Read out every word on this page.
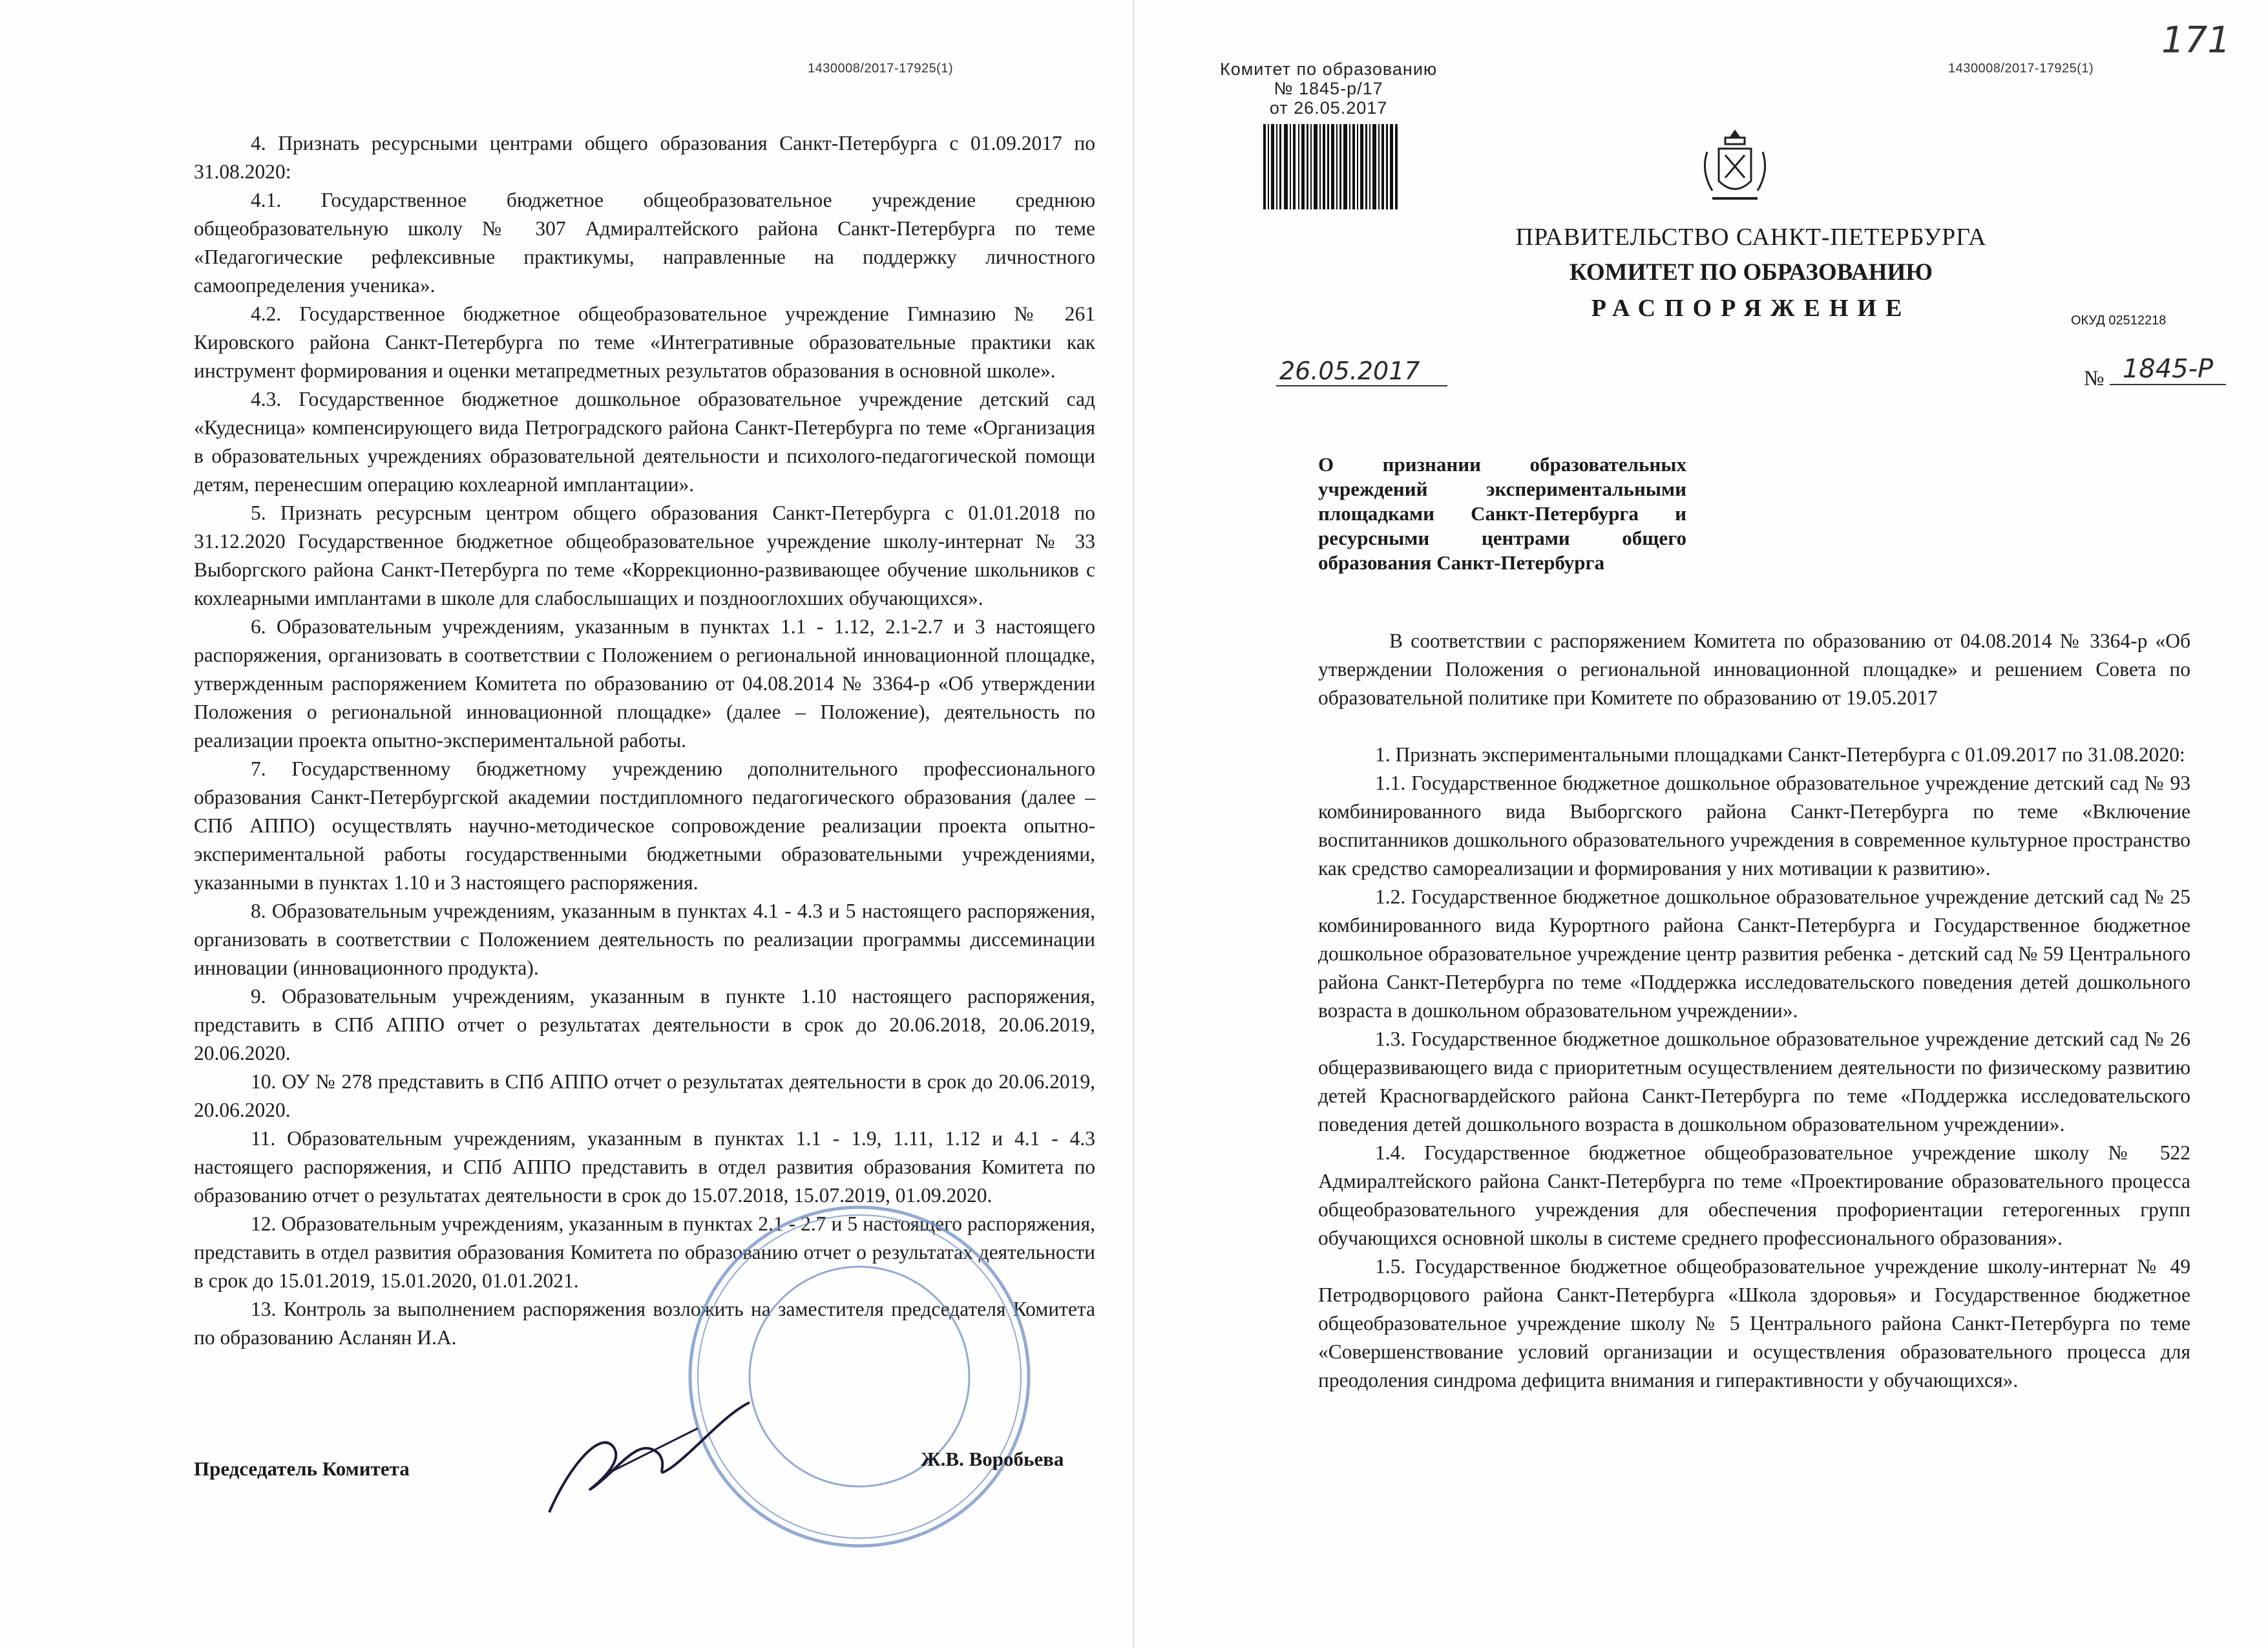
1430008/2017-17925(1)

4. Признать ресурсными центрами общего образования Санкт-Петербурга с 01.09.2017 по 31.08.2020:

4.1. Государственное бюджетное общеобразовательное учреждение среднюю общеобразовательную школу № 307 Адмиралтейского района Санкт-Петербурга по теме «Педагогические рефлексивные практикумы, направленные на поддержку личностного самоопределения ученика».

4.2. Государственное бюджетное общеобразовательное учреждение Гимназию № 261 Кировского района Санкт-Петербурга по теме «Интегративные образовательные практики как инструмент формирования и оценки метапредметных результатов образования в основной школе».

4.3. Государственное бюджетное дошкольное образовательное учреждение детский сад «Кудесница» компенсирующего вида Петроградского района Санкт-Петербурга по теме «Организация в образовательных учреждениях образовательной деятельности и психолого-педагогической помощи детям, перенесшим операцию кохлеарной имплантации».

5. Признать ресурсным центром общего образования Санкт-Петербурга с 01.01.2018 по 31.12.2020 Государственное бюджетное общеобразовательное учреждение школу-интернат № 33 Выборгского района Санкт-Петербурга по теме «Коррекционно-развивающее обучение школьников с кохлеарными имплантами в школе для слабослышащих и позднооглохших обучающихся».

6. Образовательным учреждениям, указанным в пунктах 1.1 - 1.12, 2.1-2.7 и 3 настоящего распоряжения, организовать в соответствии с Положением о региональной инновационной площадке, утвержденным распоряжением Комитета по образованию от 04.08.2014 № 3364-р «Об утверждении Положения о региональной инновационной площадке» (далее – Положение), деятельность по реализации проекта опытно-экспериментальной работы.

7. Государственному бюджетному учреждению дополнительного профессионального образования Санкт-Петербургской академии постдипломного педагогического образования (далее – СПб АППО) осуществлять научно-методическое сопровождение реализации проекта опытно-экспериментальной работы государственными бюджетными образовательными учреждениями, указанными в пунктах 1.10 и 3 настоящего распоряжения.

8. Образовательным учреждениям, указанным в пунктах 4.1 - 4.3 и 5 настоящего распоряжения, организовать в соответствии с Положением деятельность по реализации программы диссеминации инновации (инновационного продукта).

9. Образовательным учреждениям, указанным в пункте 1.10 настоящего распоряжения, представить в СПб АППО отчет о результатах деятельности в срок до 20.06.2018, 20.06.2019, 20.06.2020.

10. ОУ № 278 представить в СПб АППО отчет о результатах деятельности в срок до 20.06.2019, 20.06.2020.

11. Образовательным учреждениям, указанным в пунктах 1.1 - 1.9, 1.11, 1.12 и 4.1 - 4.3 настоящего распоряжения, и СПб АППО представить в отдел развития образования Комитета по образованию отчет о результатах деятельности в срок до 15.07.2018, 15.07.2019, 01.09.2020.

12. Образовательным учреждениям, указанным в пунктах 2.1 - 2.7 и 5 настоящего распоряжения, представить в отдел развития образования Комитета по образованию отчет о результатах деятельности в срок до 15.01.2019, 15.01.2020, 01.01.2021.

13. Контроль за выполнением распоряжения возложить на заместителя председателя Комитета по образованию Асланян И.А.

Председатель Комитета	Ж.В. Воробьева
1430008/2017-17925(1)
171
Комитет по образованию
№ 1845-р/17
от 26.05.2017
ПРАВИТЕЛЬСТВО САНКТ-ПЕТЕРБУРГА
КОМИТЕТ ПО ОБРАЗОВАНИЮ
РАСПОРЯЖЕНИЕ	ОКУД 02512218
26.05.2017	№ 1845-Р
О признании образовательных учреждений экспериментальными площадками Санкт-Петербурга и ресурсными центрами общего образования Санкт-Петербурга

В соответствии с распоряжением Комитета по образованию от 04.08.2014 № 3364-р «Об утверждении Положения о региональной инновационной площадке» и решением Совета по образовательной политике при Комитете по образованию от 19.05.2017

1. Признать экспериментальными площадками Санкт-Петербурга с 01.09.2017 по 31.08.2020:

1.1. Государственное бюджетное дошкольное образовательное учреждение детский сад № 93 комбинированного вида Выборгского района Санкт-Петербурга по теме «Включение воспитанников дошкольного образовательного учреждения в современное культурное пространство как средство самореализации и формирования у них мотивации к развитию».

1.2. Государственное бюджетное дошкольное образовательное учреждение детский сад № 25 комбинированного вида Курортного района Санкт-Петербурга и Государственное бюджетное дошкольное образовательное учреждение центр развития ребенка - детский сад № 59 Центрального района Санкт-Петербурга по теме «Поддержка исследовательского поведения детей дошкольного возраста в дошкольном образовательном учреждении».

1.3. Государственное бюджетное дошкольное образовательное учреждение детский сад № 26 общеразвивающего вида с приоритетным осуществлением деятельности по физическому развитию детей Красногвардейского района Санкт-Петербурга по теме «Поддержка исследовательского поведения детей дошкольного возраста в дошкольном образовательном учреждении».

1.4. Государственное бюджетное общеобразовательное учреждение школу № 522 Адмиралтейского района Санкт-Петербурга по теме «Проектирование образовательного процесса общеобразовательного учреждения для обеспечения профориентации гетерогенных групп обучающихся основной школы в системе среднего профессионального образования».

1.5. Государственное бюджетное общеобразовательное учреждение школу-интернат № 49 Петродворцового района Санкт-Петербурга «Школа здоровья» и Государственное бюджетное общеобразовательное учреждение школу № 5 Центрального района Санкт-Петербурга по теме «Совершенствование условий организации и осуществления образовательного процесса для преодоления синдрома дефицита внимания и гиперактивности у обучающихся».
